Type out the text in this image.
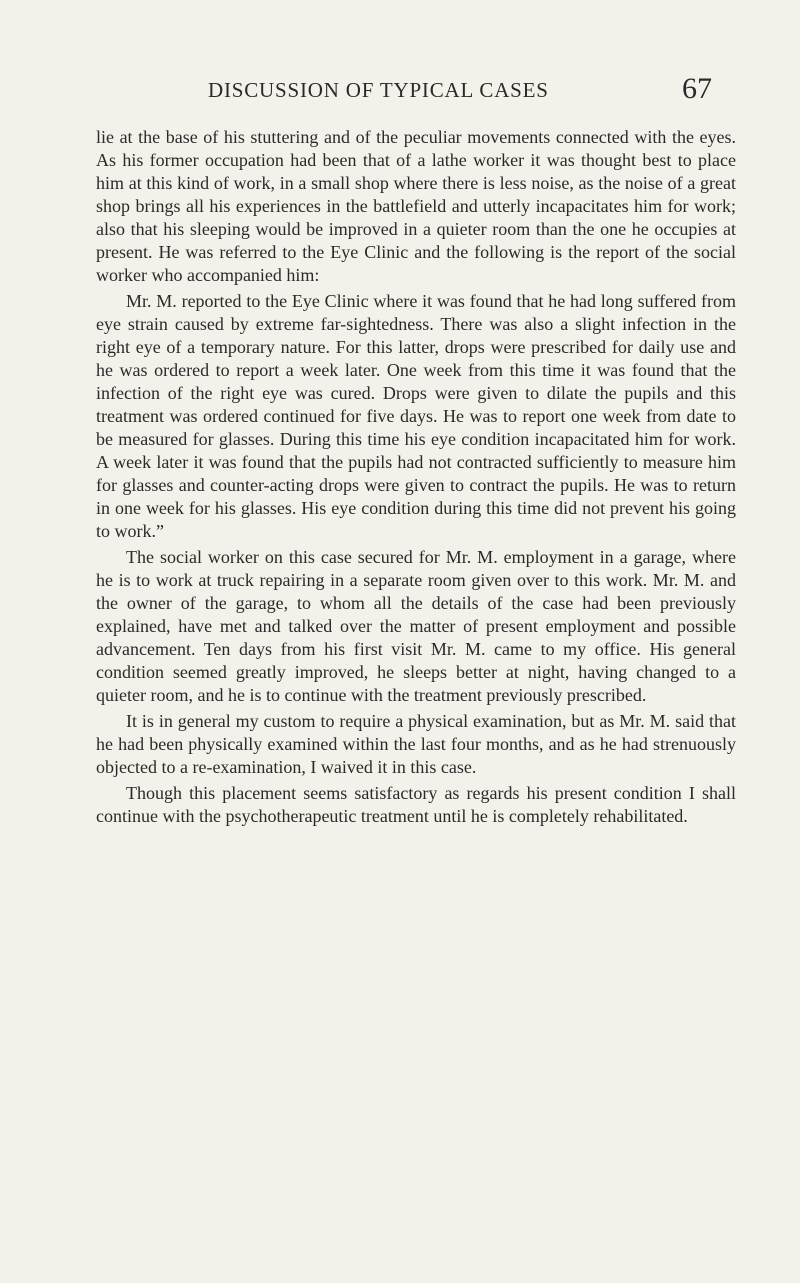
DISCUSSION OF TYPICAL CASES	67

lie at the base of his stuttering and of the peculiar movements connected with the eyes. As his former occupation had been that of a lathe worker it was thought best to place him at this kind of work, in a small shop where there is less noise, as the noise of a great shop brings all his experiences in the battlefield and utterly incapacitates him for work; also that his sleeping would be improved in a quieter room than the one he occupies at present. He was referred to the Eye Clinic and the following is the report of the social worker who accompanied him:

Mr. M. reported to the Eye Clinic where it was found that he had long suffered from eye strain caused by extreme far-sightedness. There was also a slight infection in the right eye of a temporary nature. For this latter, drops were prescribed for daily use and he was ordered to report a week later. One week from this time it was found that the infection of the right eye was cured. Drops were given to dilate the pupils and this treatment was ordered continued for five days. He was to report one week from date to be measured for glasses. During this time his eye condition incapacitated him for work. A week later it was found that the pupils had not contracted sufficiently to measure him for glasses and counter-acting drops were given to contract the pupils. He was to return in one week for his glasses. His eye condition during this time did not prevent his going to work.”

The social worker on this case secured for Mr. M. employment in a garage, where he is to work at truck repairing in a separate room given over to this work. Mr. M. and the owner of the garage, to whom all the details of the case had been previously explained, have met and talked over the matter of present employment and possible advancement. Ten days from his first visit Mr. M. came to my office. His general condition seemed greatly improved, he sleeps better at night, having changed to a quieter room, and he is to continue with the treatment previously prescribed.

It is in general my custom to require a physical examination, but as Mr. M. said that he had been physically examined within the last four months, and as he had strenuously objected to a re-examination, I waived it in this case.

Though this placement seems satisfactory as regards his present condition I shall continue with the psychotherapeutic treatment until he is completely rehabilitated.
